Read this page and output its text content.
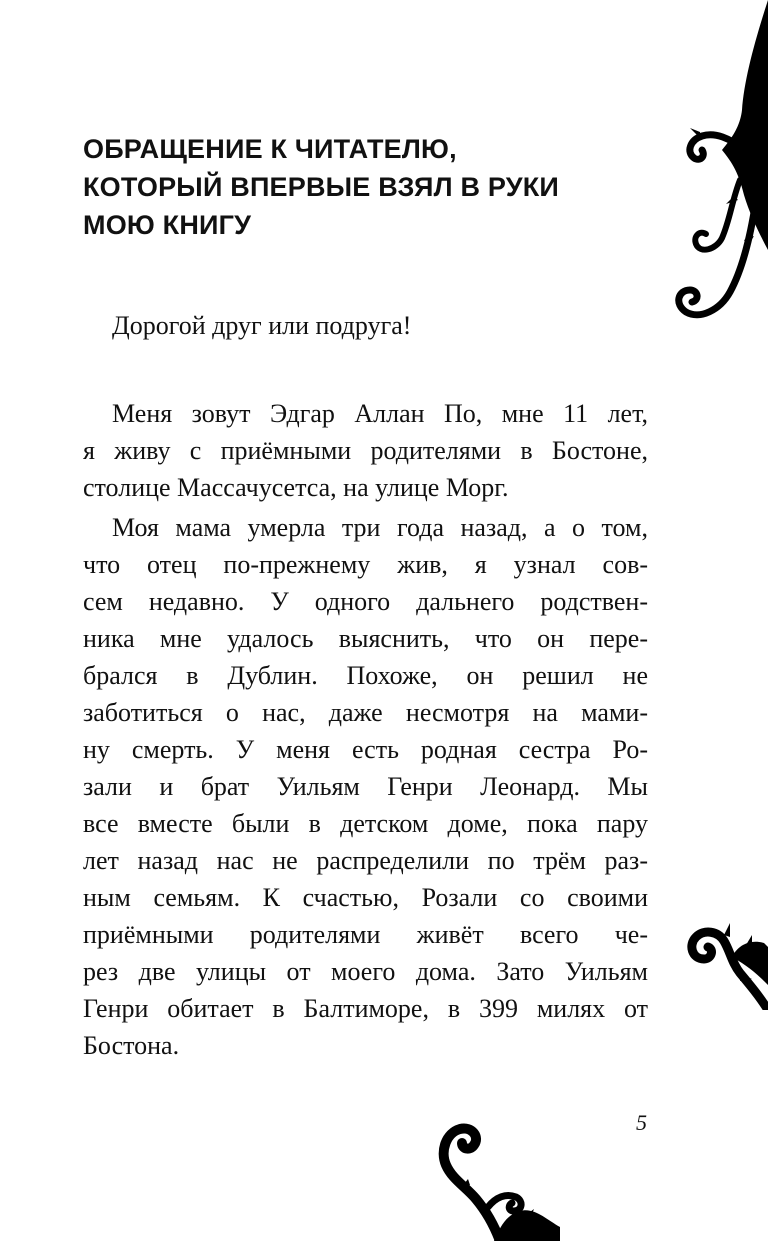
ОБРАЩЕНИЕ К ЧИТАТЕЛЮ,
КОТОРЫЙ ВПЕРВЫЕ ВЗЯЛ В РУКИ
МОЮ КНИГУ

Дорогой друг или подруга!

Меня зовут Эдгар Аллан По, мне 11 лет,
я живу с приёмными родителями в Бостоне,
столице Массачусетса, на улице Морг.

Моя мама умерла три года назад, а о том,
что отец по-прежнему жив, я узнал сов-
сем недавно. У одного дальнего родствен-
ника мне удалось выяснить, что он пере-
брался в Дублин. Похоже, он решил не
заботиться о нас, даже несмотря на мами-
ну смерть. У меня есть родная сестра Ро-
зали и брат Уильям Генри Леонард. Мы
все вместе были в детском доме, пока пару
лет назад нас не распределили по трём раз-
ным семьям. К счастью, Розали со своими
приёмными родителями живёт всего че-
рез две улицы от моего дома. Зато Уильям
Генри обитает в Балтиморе, в 399 милях от
Бостона.

5
